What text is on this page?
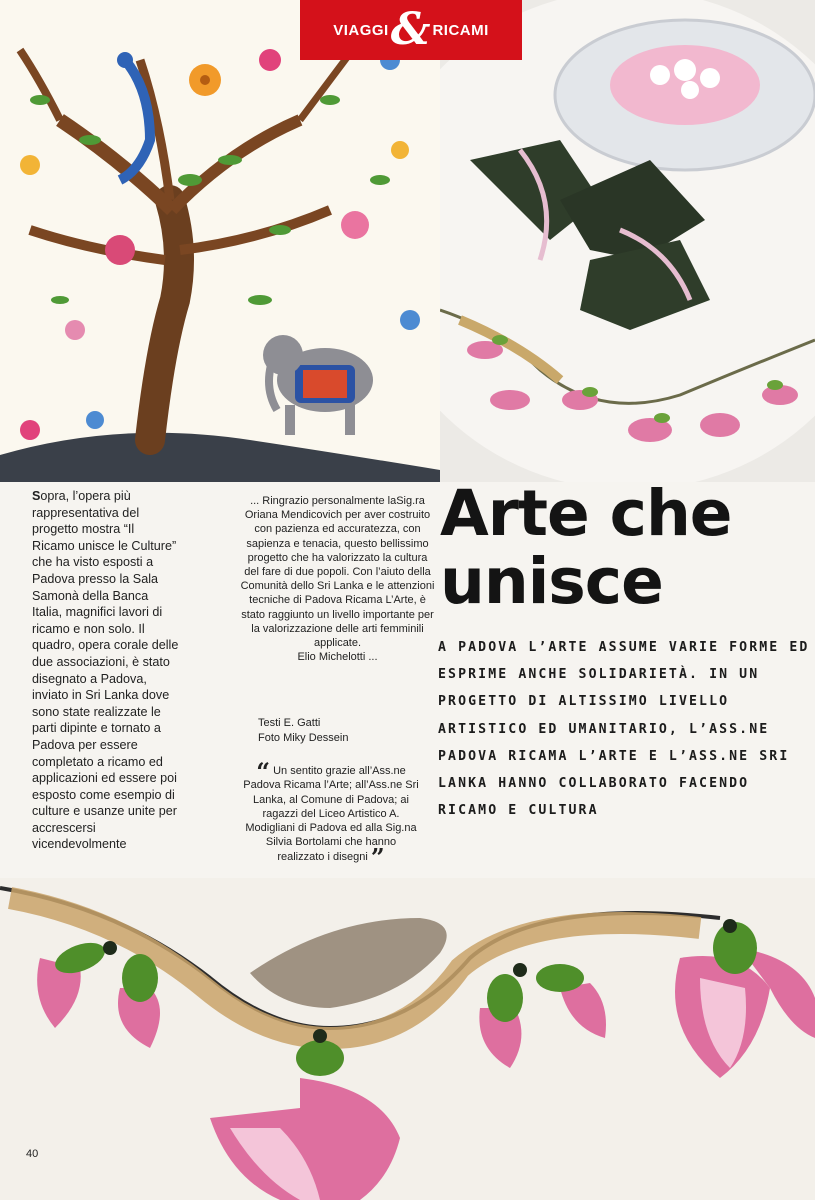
VIAGGI & RICAMI
Sopra, l’opera più rappresentativa del progetto mostra “Il Ricamo unisce le Culture” che ha visto esposti a Padova presso la Sala Samonà della Banca Italia, magnifici lavori di ricamo e non solo. Il quadro, opera corale delle due associazioni, è stato disegnato a Padova, inviato in Sri Lanka dove sono state realizzate le parti dipinte e tornato a Padova per essere completato a ricamo ed applicazioni ed essere poi esposto come esempio di culture e usanze unite per accrescersi vicendevolmente
... Ringrazio personalmente laSig.ra Oriana Mendicovich per aver costruito con pazienza ed accuratezza, con sapienza e tenacia, questo bellissimo progetto che ha valorizzato la cultura del fare di due popoli. Con l’aiuto della Comunità dello Sri Lanka e le attenzioni tecniche di Padova Ricama L’Arte, è stato raggiunto un livello importante per la valorizzazione delle arti femminili applicate.
Elio Michelotti ...
Testi E. Gatti
Foto Miky Dessein
“ Un sentito grazie all’Ass.ne Padova Ricama l’Arte; all’Ass.ne Sri Lanka, al Comune di Padova; ai ragazzi del Liceo Artistico A. Modigliani di Padova ed alla Sig.na Silvia Bortolami che hanno realizzato i disegni ”
Arte che
unisce
A PADOVA L’ARTE ASSUME VARIE FORME ED ESPRIME ANCHE SOLIDARIETÀ. IN UN PROGETTO DI ALTISSIMO LIVELLO ARTISTICO ED UMANITARIO, L’ASS.NE PADOVA RICAMA L’ARTE E L’ASS.NE SRI LANKA HANNO COLLABORATO FACENDO RICAMO E CULTURA
40
